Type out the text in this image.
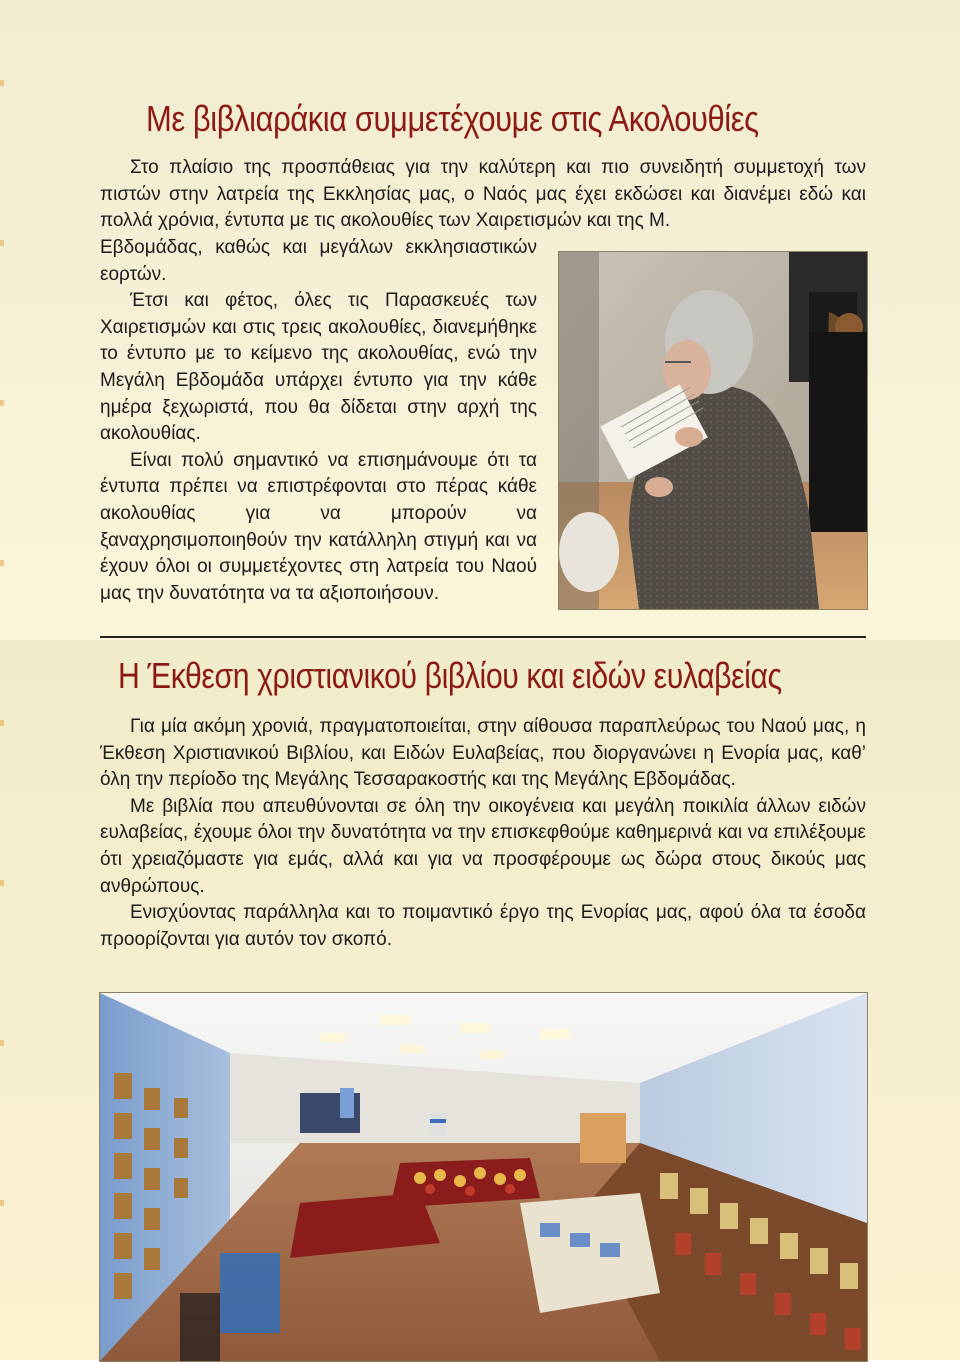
Με βιβλιαράκια συμμετέχουμε στις Ακολουθίες

Στο πλαίσιο της προσπάθειας για την καλύτερη και πιο συνειδητή συμμετοχή των πιστών στην λατρεία της Εκκλησίας μας, ο Ναός μας έχει εκδώσει και διανέμει εδώ και πολλά χρόνια, έντυπα με τις ακολουθίες των Χαιρετισμών και της Μ.

Εβδομάδας, καθώς και μεγάλων εκκλησιαστικών εορτών.

Έτσι και φέτος, όλες τις Παρασκευές των Χαιρετισμών και στις τρεις ακολουθίες, διανεμήθηκε το έντυπο με το κείμενο της ακολουθίας, ενώ την Μεγάλη Εβδομάδα υπάρχει έντυπο για την κάθε ημέρα ξεχωριστά, που θα δίδεται στην αρχή της ακολουθίας.

Είναι πολύ σημαντικό να επισημάνουμε ότι τα έντυπα πρέπει να επιστρέφονται στο πέρας κάθε ακολουθίας για να μπορούν να ξαναχρησιμοποιηθούν την κατάλληλη στιγμή και να έχουν όλοι οι συμμετέχοντες στη λατρεία του Ναού μας την δυνατότητα να τα αξιοποιήσουν.

Η Έκθεση χριστιανικού βιβλίου και ειδών ευλαβείας

Για μία ακόμη χρονιά, πραγματοποιείται, στην αίθουσα παραπλεύρως του Ναού μας, η Έκθεση Χριστιανικού Βιβλίου, και Ειδών Ευλαβείας, που διοργανώνει η Ενορία μας, καθ’ όλη την περίοδο της Μεγάλης Τεσσαρακοστής και της Μεγάλης Εβδομάδας.

Με βιβλία που απευθύνονται σε όλη την οικογένεια και μεγάλη ποικιλία άλλων ειδών ευλαβείας, έχουμε όλοι την δυνατότητα να την επισκεφθούμε καθημερινά και να επιλέξουμε ότι χρειαζόμαστε για εμάς, αλλά και για να προσφέρουμε ως δώρα στους δικούς μας ανθρώπους.

Ενισχύοντας παράλληλα και το ποιμαντικό έργο της Ενορίας μας, αφού όλα τα έσοδα προορίζονται για αυτόν τον σκοπό.
